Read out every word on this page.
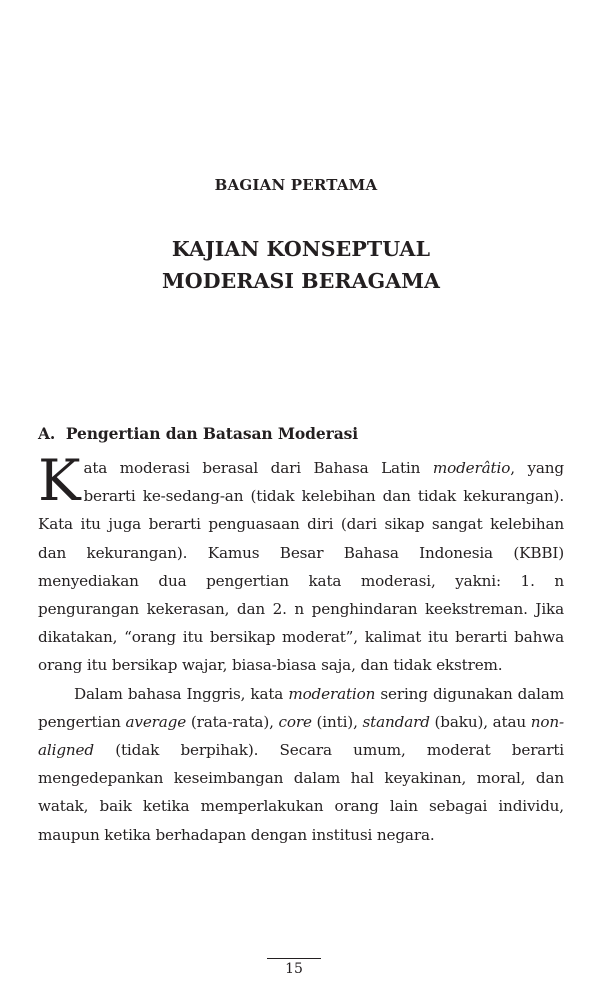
BAGIAN PERTAMA
KAJIAN KONSEPTUAL
MODERASI BERAGAMA
A. Pengertian dan Batasan Moderasi

Kata moderasi berasal dari Bahasa Latin moderâtio, yang berarti ke-sedang-an (tidak kelebihan dan tidak kekurangan). Kata itu juga berarti penguasaan diri (dari sikap sangat kelebihan dan kekurangan). Kamus Besar Bahasa Indonesia (KBBI) menyediakan dua pengertian kata moderasi, yakni: 1. n pengurangan kekerasan, dan 2. n penghindaran keekstreman. Jika dikatakan, “orang itu bersikap moderat”, kalimat itu berarti bahwa orang itu bersikap wajar, biasa-biasa saja, dan tidak ekstrem.

Dalam bahasa Inggris, kata moderation sering digunakan dalam pengertian average (rata-rata), core (inti), standard (baku), atau non-aligned (tidak berpihak). Secara umum, moderat berarti mengedepankan keseimbangan dalam hal keyakinan, moral, dan watak, baik ketika memperlakukan orang lain sebagai individu, maupun ketika berhadapan dengan institusi negara.

15
